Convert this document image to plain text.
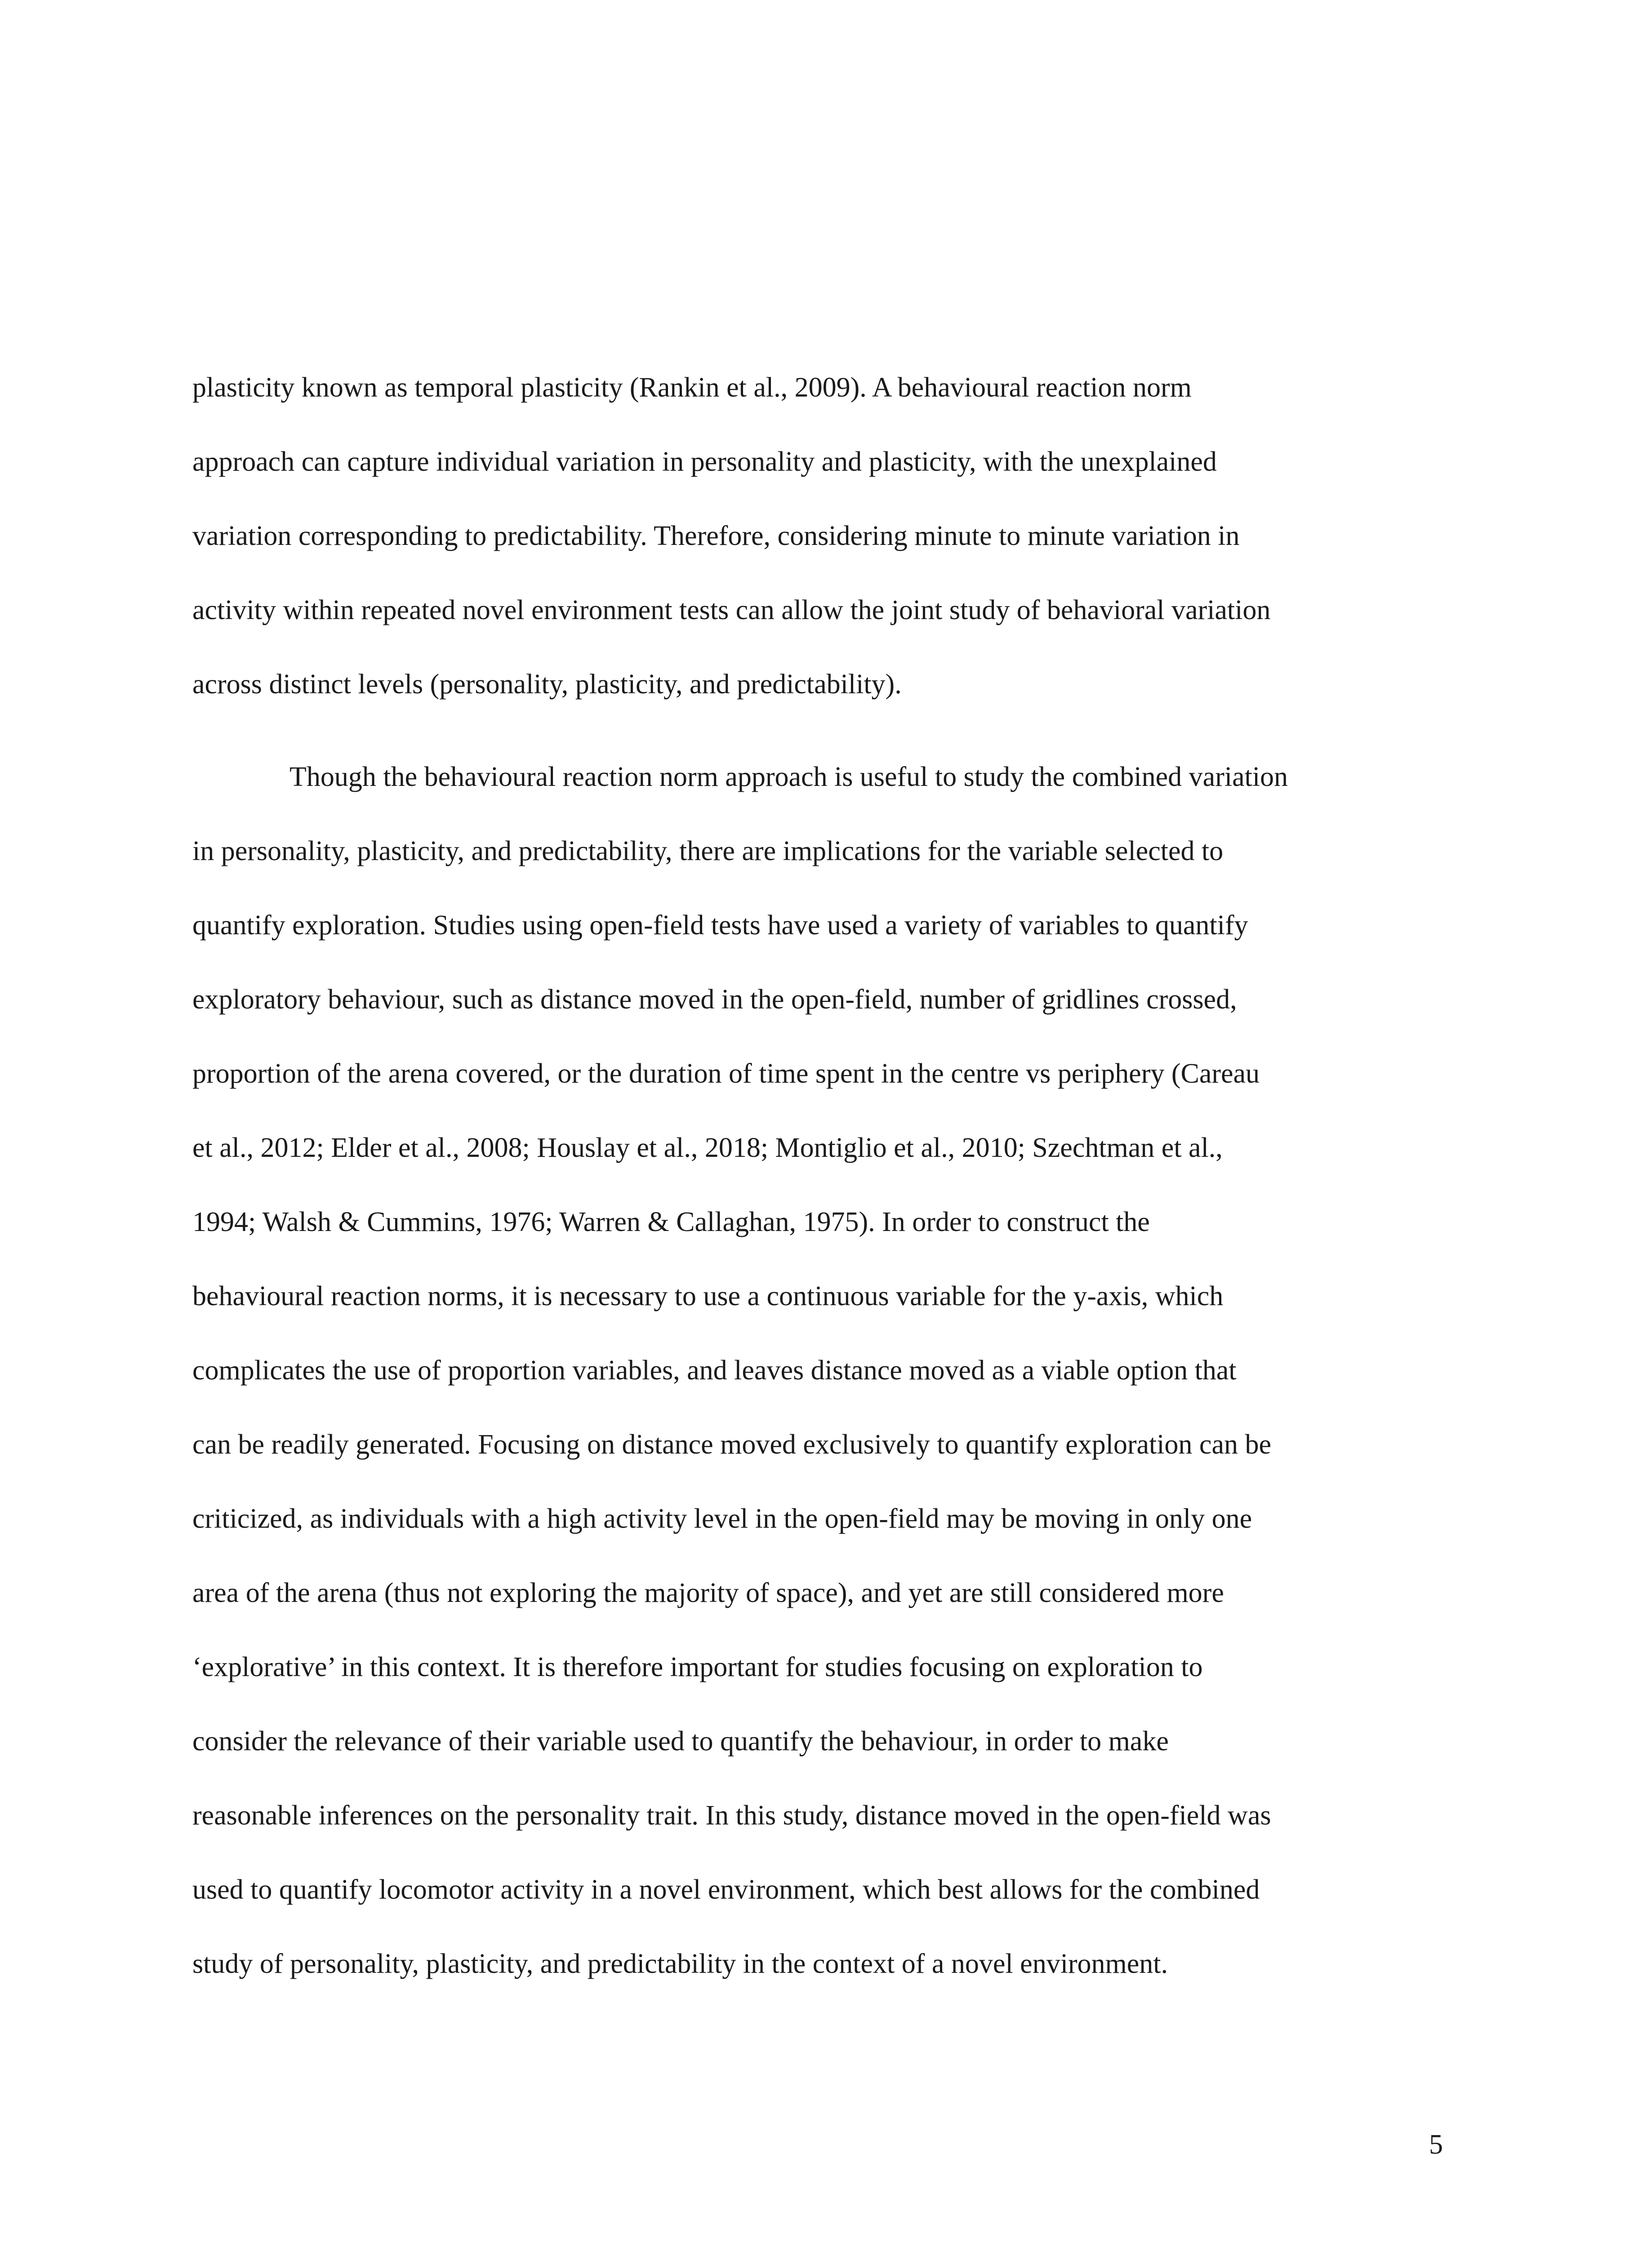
plasticity known as temporal plasticity (Rankin et al., 2009). A behavioural reaction norm

approach can capture individual variation in personality and plasticity, with the unexplained

variation corresponding to predictability. Therefore, considering minute to minute variation in

activity within repeated novel environment tests can allow the joint study of behavioral variation

across distinct levels (personality, plasticity, and predictability).

Though the behavioural reaction norm approach is useful to study the combined variation

in personality, plasticity, and predictability, there are implications for the variable selected to

quantify exploration. Studies using open-field tests have used a variety of variables to quantify

exploratory behaviour, such as distance moved in the open-field, number of gridlines crossed,

proportion of the arena covered, or the duration of time spent in the centre vs periphery (Careau

et al., 2012; Elder et al., 2008; Houslay et al., 2018; Montiglio et al., 2010; Szechtman et al.,

1994; Walsh & Cummins, 1976; Warren & Callaghan, 1975). In order to construct the

behavioural reaction norms, it is necessary to use a continuous variable for the y-axis, which

complicates the use of proportion variables, and leaves distance moved as a viable option that

can be readily generated. Focusing on distance moved exclusively to quantify exploration can be

criticized, as individuals with a high activity level in the open-field may be moving in only one

area of the arena (thus not exploring the majority of space), and yet are still considered more

‘explorative’ in this context. It is therefore important for studies focusing on exploration to

consider the relevance of their variable used to quantify the behaviour, in order to make

reasonable inferences on the personality trait. In this study, distance moved in the open-field was

used to quantify locomotor activity in a novel environment, which best allows for the combined

study of personality, plasticity, and predictability in the context of a novel environment.

5
